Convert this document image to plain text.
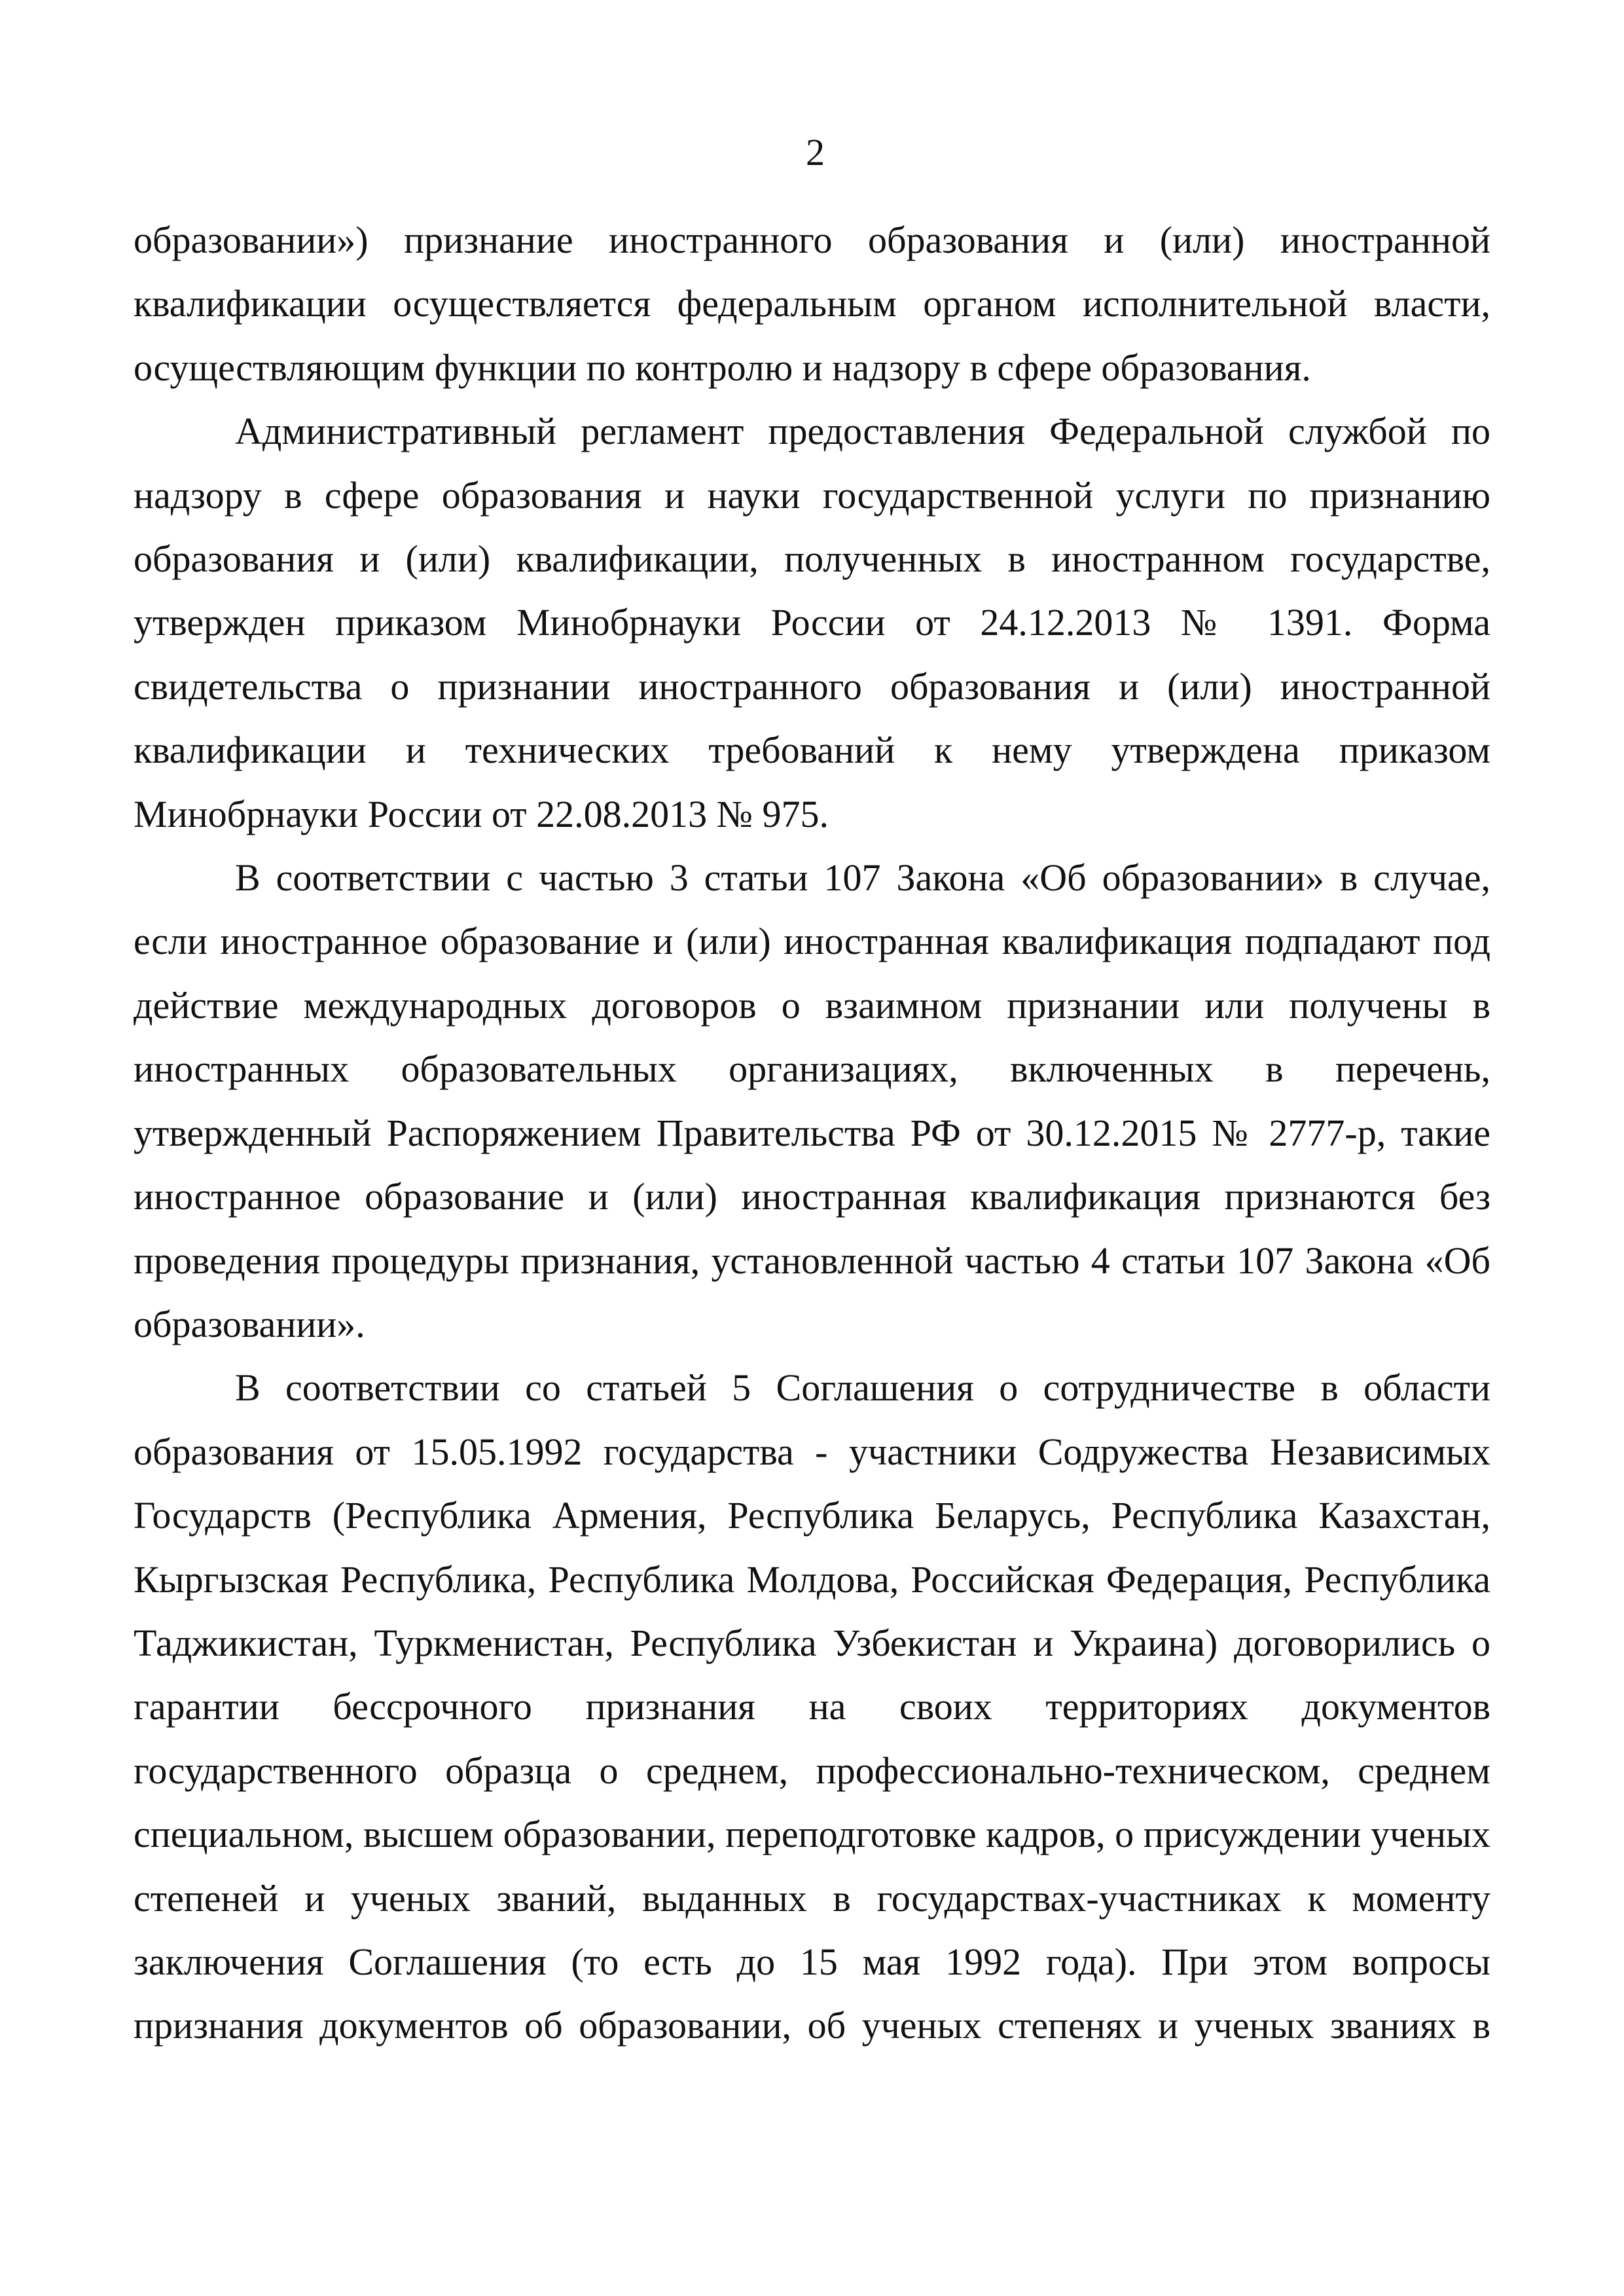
2

образовании») признание иностранного образования и (или) иностранной квалификации осуществляется федеральным органом исполнительной власти, осуществляющим функции по контролю и надзору в сфере образования.

Административный регламент предоставления Федеральной службой по надзору в сфере образования и науки государственной услуги по признанию образования и (или) квалификации, полученных в иностранном государстве, утвержден приказом Минобрнауки России от 24.12.2013 № 1391. Форма свидетельства о признании иностранного образования и (или) иностранной квалификации и технических требований к нему утверждена приказом Минобрнауки России от 22.08.2013 № 975.

В соответствии с частью 3 статьи 107 Закона «Об образовании» в случае, если иностранное образование и (или) иностранная квалификация подпадают под действие международных договоров о взаимном признании или получены в иностранных образовательных организациях, включенных в перечень, утвержденный Распоряжением Правительства РФ от 30.12.2015 № 2777-р, такие иностранное образование и (или) иностранная квалификация признаются без проведения процедуры признания, установленной частью 4 статьи 107 Закона «Об образовании».

В соответствии со статьей 5 Соглашения о сотрудничестве в области образования от 15.05.1992 государства - участники Содружества Независимых Государств (Республика Армения, Республика Беларусь, Республика Казахстан, Кыргызская Республика, Республика Молдова, Российская Федерация, Республика Таджикистан, Туркменистан, Республика Узбекистан и Украина) договорились о гарантии бессрочного признания на своих территориях документов государственного образца о среднем, профессионально-техническом, среднем специальном, высшем образовании, переподготовке кадров, о присуждении ученых степеней и ученых званий, выданных в государствах-участниках к моменту заключения Соглашения (то есть до 15 мая 1992 года). При этом вопросы признания документов об образовании, об ученых степенях и ученых званиях в
